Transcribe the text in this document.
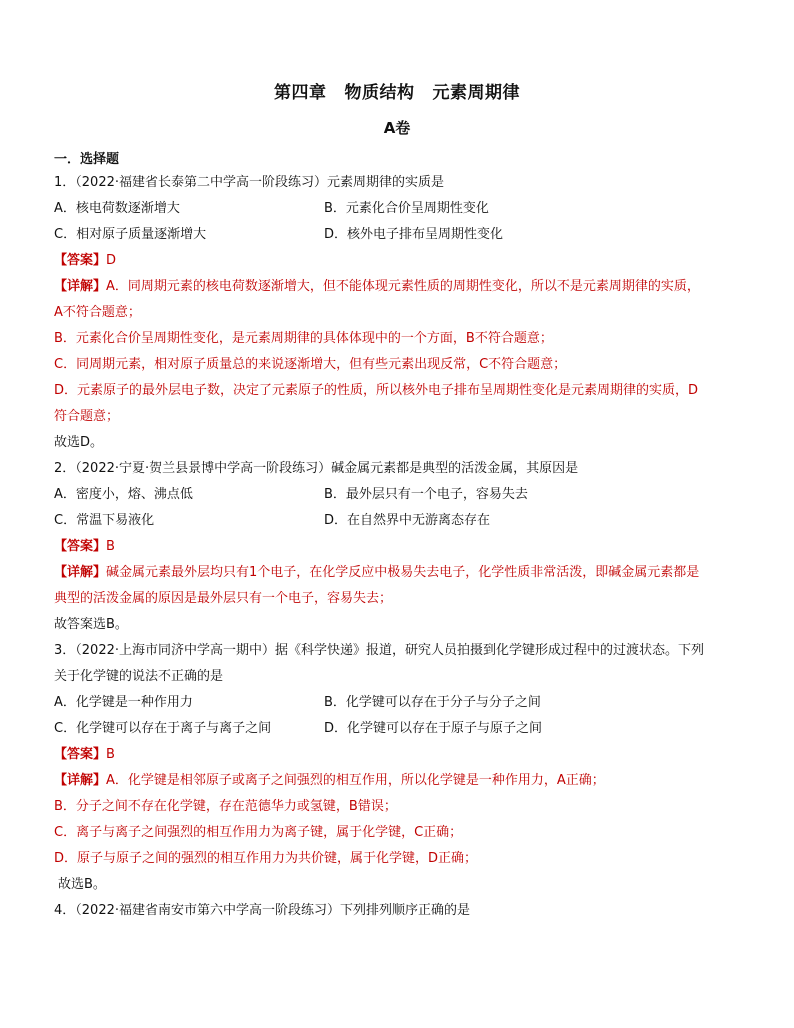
第四章 物质结构 元素周期律
A卷
一．选择题
1．（2022·福建省长泰第二中学高一阶段练习）元素周期律的实质是
A．核电荷数逐渐增大	B．元素化合价呈周期性变化
C．相对原子质量逐渐增大	D．核外电子排布呈周期性变化
【答案】D
【详解】A．同周期元素的核电荷数逐渐增大，但不能体现元素性质的周期性变化，所以不是元素周期律的实质，
A不符合题意；
B．元素化合价呈周期性变化，是元素周期律的具体体现中的一个方面，B不符合题意；
C．同周期元素，相对原子质量总的来说逐渐增大，但有些元素出现反常，C不符合题意；
D．元素原子的最外层电子数，决定了元素原子的性质，所以核外电子排布呈周期性变化是元素周期律的实质，D
符合题意；
故选D。
2．（2022·宁夏·贺兰县景博中学高一阶段练习）碱金属元素都是典型的活泼金属，其原因是
A．密度小，熔、沸点低	B．最外层只有一个电子，容易失去
C．常温下易液化	D．在自然界中无游离态存在
【答案】B
【详解】碱金属元素最外层均只有1个电子，在化学反应中极易失去电子，化学性质非常活泼，即碱金属元素都是
典型的活泼金属的原因是最外层只有一个电子，容易失去；
故答案选B。
3．（2022·上海市同济中学高一期中）据《科学快递》报道，研究人员拍摄到化学键形成过程中的过渡状态。下列
关于化学键的说法不正确的是
A．化学键是一种作用力	B．化学键可以存在于分子与分子之间
C．化学键可以存在于离子与离子之间	D．化学键可以存在于原子与原子之间
【答案】B
【详解】A．化学键是相邻原子或离子之间强烈的相互作用，所以化学键是一种作用力，A正确；
B．分子之间不存在化学键，存在范德华力或氢键，B错误；
C．离子与离子之间强烈的相互作用力为离子键，属于化学键，C正确；
D．原子与原子之间的强烈的相互作用力为共价键，属于化学键，D正确；
故选B。
4．（2022·福建省南安市第六中学高一阶段练习）下列排列顺序正确的是
